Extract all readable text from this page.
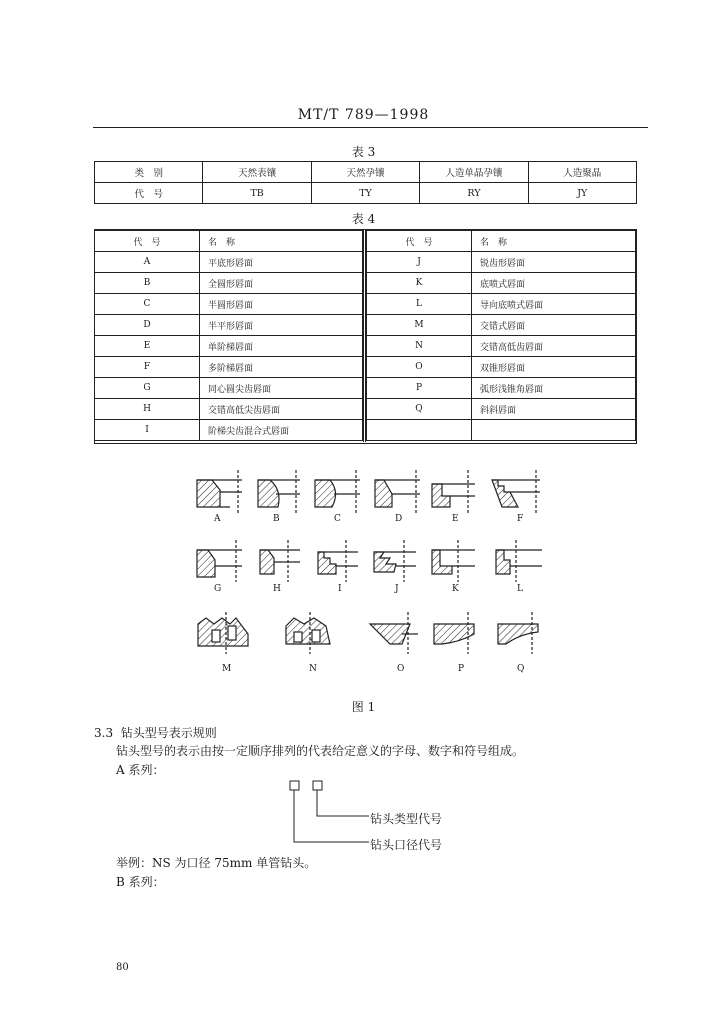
MT/T 789—1998
表 3
类　别	天然表镶	天然孕镶	人造单晶孕镶	人造聚晶
代　号	TB	TY	RY	JY
表 4
代　号	名　称
A	平底形唇面
B	全圆形唇面
C	半圆形唇面
D	半平形唇面
E	单阶梯唇面
F	多阶梯唇面
G	同心圆尖齿唇面
H	交错高低尖齿唇面
I	阶梯尖齿混合式唇面
代　号	名　称
J	锐齿形唇面
K	底喷式唇面
L	导向底喷式唇面
M	交错式唇面
N	交错高低齿唇面
O	双锥形唇面
P	弧形浅锥角唇面
Q	斜斜唇面

A	B	C	D	E	F
G	H	I	J	K	L
M	N	O	P	Q
图 1
3.3 钻头型号表示规则
钻头型号的表示由按一定顺序排列的代表给定意义的字母、数字和符号组成。
A 系列：
钻头类型代号
钻头口径代号
举例：NS 为口径 75mm 单管钻头。
B 系列：
80
